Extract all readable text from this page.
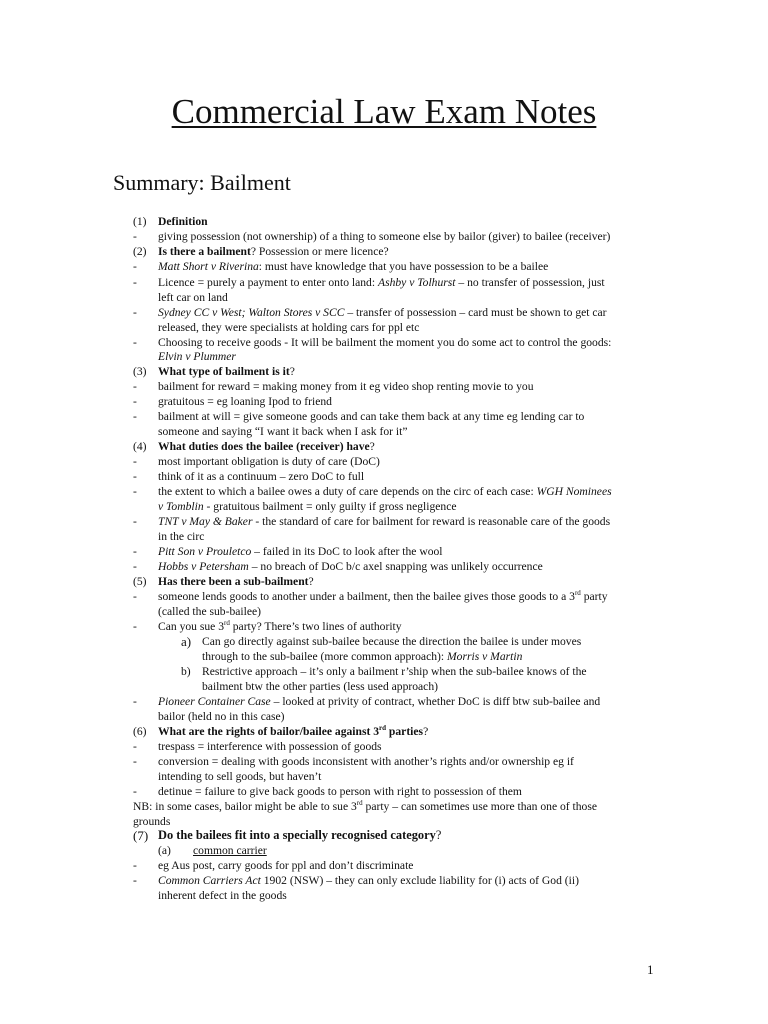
Commercial Law Exam Notes
Summary: Bailment
(1) Definition
- giving possession (not ownership) of a thing to someone else by bailor (giver) to bailee (receiver)
(2) Is there a bailment? Possession or mere licence?
- Matt Short v Riverina: must have knowledge that you have possession to be a bailee
- Licence = purely a payment to enter onto land: Ashby v Tolhurst – no transfer of possession, just
left car on land
- Sydney CC v West; Walton Stores v SCC – transfer of possession – card must be shown to get car
released, they were specialists at holding cars for ppl etc
- Choosing to receive goods - It will be bailment the moment you do some act to control the goods:
Elvin v Plummer
(3) What type of bailment is it?
- bailment for reward = making money from it eg video shop renting movie to you
- gratuitous = eg loaning Ipod to friend
- bailment at will = give someone goods and can take them back at any time eg lending car to
someone and saying “I want it back when I ask for it”
(4) What duties does the bailee (receiver) have?
- most important obligation is duty of care (DoC)
- think of it as a continuum – zero DoC to full
- the extent to which a bailee owes a duty of care depends on the circ of each case: WGH Nominees
v Tomblin - gratuitous bailment = only guilty if gross negligence
- TNT v May & Baker - the standard of care for bailment for reward is reasonable care of the goods
in the circ
- Pitt Son v Prouletco – failed in its DoC to look after the wool
- Hobbs v Petersham – no breach of DoC b/c axel snapping was unlikely occurrence
(5) Has there been a sub-bailment?
- someone lends goods to another under a bailment, then the bailee gives those goods to a 3rd party
(called the sub-bailee)
- Can you sue 3rd party? There’s two lines of authority
a) Can go directly against sub-bailee because the direction the bailee is under moves
through to the sub-bailee (more common approach): Morris v Martin
b) Restrictive approach – it’s only a bailment r’ship when the sub-bailee knows of the
bailment btw the other parties (less used approach)
- Pioneer Container Case – looked at privity of contract, whether DoC is diff btw sub-bailee and
bailor (held no in this case)
(6) What are the rights of bailor/bailee against 3rd parties?
- trespass = interference with possession of goods
- conversion = dealing with goods inconsistent with another’s rights and/or ownership eg if
intending to sell goods, but haven’t
- detinue = failure to give back goods to person with right to possession of them
NB: in some cases, bailor might be able to sue 3rd party – can sometimes use more than one of those
grounds
(7) Do the bailees fit into a specially recognised category?
(a) common carrier
- eg Aus post, carry goods for ppl and don’t discriminate
- Common Carriers Act 1902 (NSW) – they can only exclude liability for (i) acts of God (ii)
inherent defect in the goods
1
